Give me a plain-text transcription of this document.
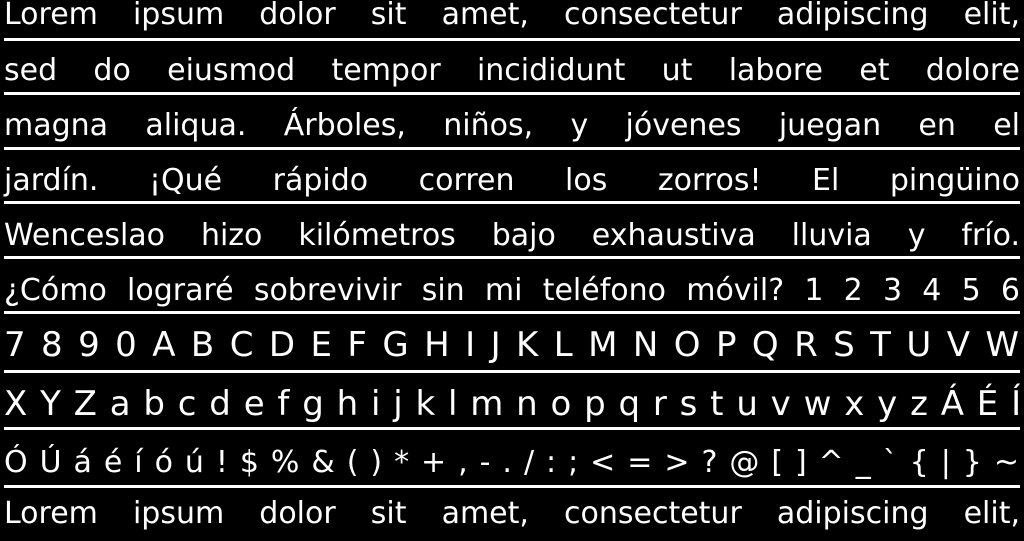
Lorem ipsum dolor sit amet, consectetur adipiscing elit,
sed do eiusmod tempor incididunt ut labore et dolore
magna aliqua. Árboles, niños, y jóvenes juegan en el
jardín. ¡Qué rápido corren los zorros! El pingüino
Wenceslao hizo kilómetros bajo exhaustiva lluvia y frío.
¿Cómo lograré sobrevivir sin mi teléfono móvil? 1 2 3 4 5 6
7 8 9 0 A B C D E F G H I J K L M N O P Q R S T U V W
X Y Z a b c d e f g h i j k l m n o p q r s t u v w x y z Á É Í
Ó Ú á é í ó ú ! $ % & ( ) * + , - . / : ; < = > ? @ [ ] ^ _ ` { | } ~
Lorem ipsum dolor sit amet, consectetur adipiscing elit,
